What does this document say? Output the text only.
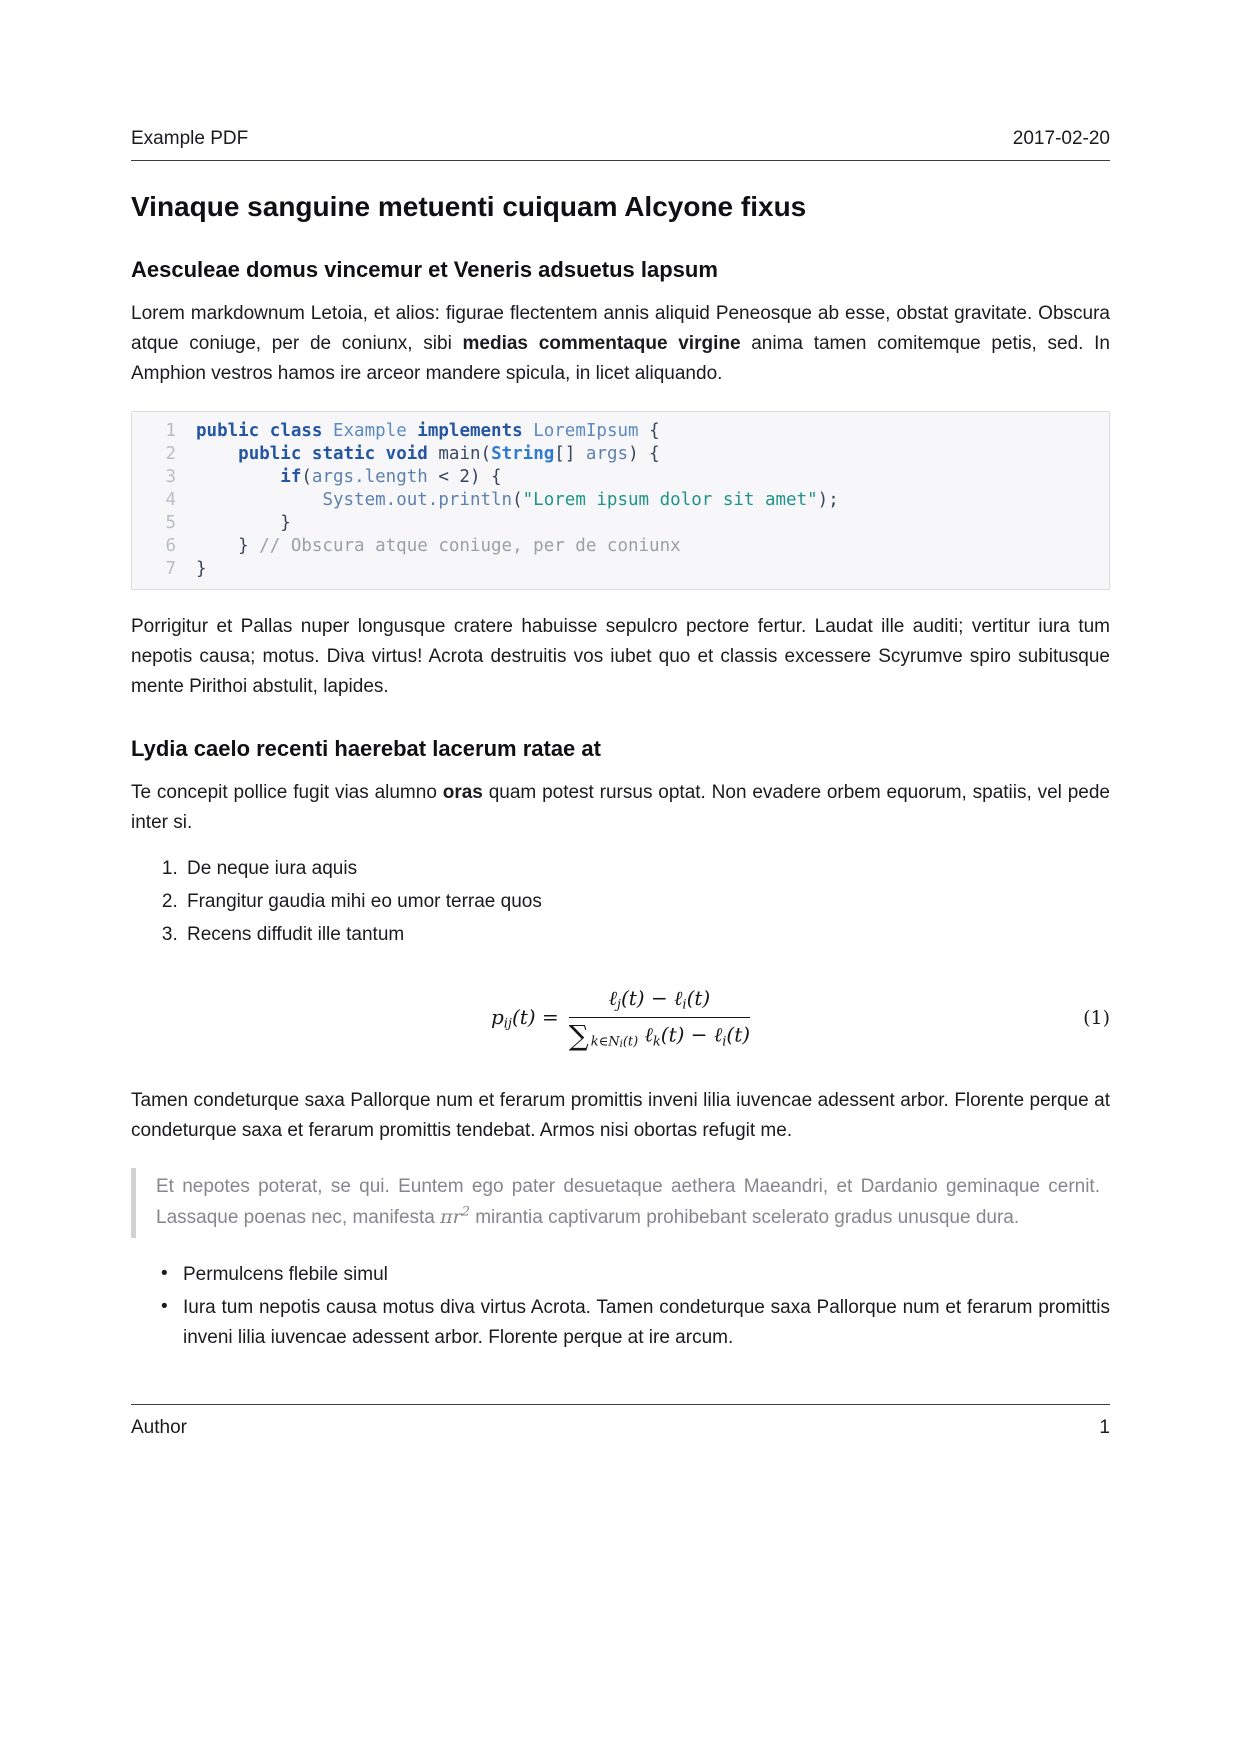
Example PDF	2017-02-20
Vinaque sanguine metuenti cuiquam Alcyone fixus
Aesculeae domus vincemur et Veneris adsuetus lapsum

Lorem markdownum Letoia, et alios: figurae flectentem annis aliquid Peneosque ab esse, obstat gravitate. Obscura atque coniuge, per de coniunx, sibi medias commentaque virgine anima tamen comitemque petis, sed. In Amphion vestros hamos ire arceor mandere spicula, in licet aliquando.

1 public class Example implements LoremIpsum {
2	public static void main(String[] args) {
3	if(args.length < 2) {
4	System.out.println("Lorem ipsum dolor sit amet");
5 }
6 } // Obscura atque coniuge, per de coniunx
7 }

Porrigitur et Pallas nuper longusque cratere habuisse sepulcro pectore fertur. Laudat ille auditi; vertitur iura tum nepotis causa; motus. Diva virtus! Acrota destruitis vos iubet quo et classis excessere Scyrumve spiro subitusque mente Pirithoi abstulit, lapides.

Lydia caelo recenti haerebat lacerum ratae at

Te concepit pollice fugit vias alumno oras quam potest rursus optat. Non evadere orbem equorum, spatiis, vel pede inter si.

1. De neque iura aquis
2. Frangitur gaudia mihi eo umor terrae quos
3. Recens diffudit ille tantum
$pij(t) = \frac{\text{ℓj(t) − ℓi(t)}}{\sum k\in N_i(t) \ell k(t) - \ell i(t)}$	(1)

Tamen condeturque saxa Pallorque num et ferarum promittis inveni lilia iuvencae adessent arbor. Florente perque at condeturque saxa et ferarum promittis tendebat. Armos nisi obortas refugit me.

Et nepotes poterat, se qui. Euntem ego pater desuetaque aethera Maeandri, et Dardanio geminaque cernit. Lassaque poenas nec, manifesta $\pi r^2$ mirantia captivarum prohibebant scelerato gradus unusque dura.
• Permulcens flebile simul
• Iura tum nepotis causa motus diva virtus Acrota. Tamen condeturque saxa Pallorque num et ferarum promittis inveni lilia iuvencae adessent arbor. Florente perque at ire arcum.
Author	1
